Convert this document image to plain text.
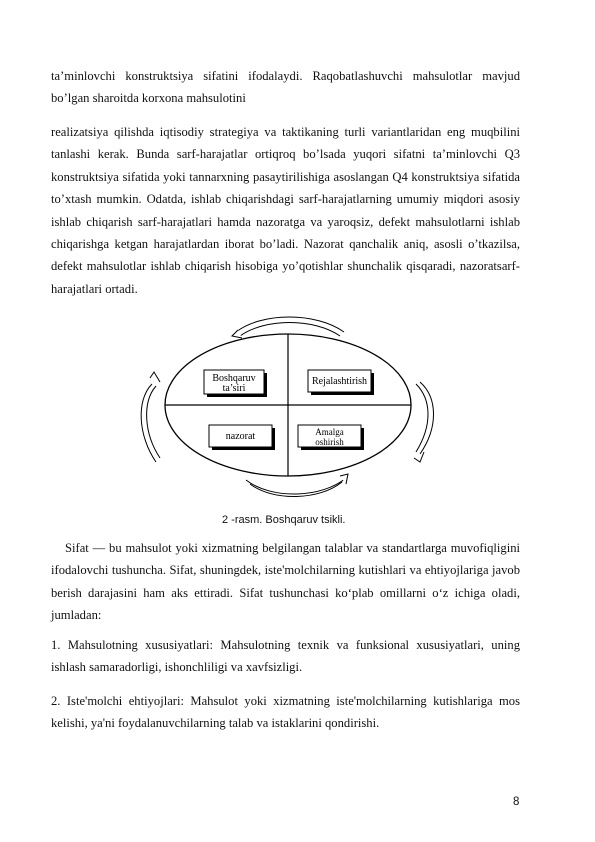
ta’minlovchi konstruktsiya sifatini ifodalaydi. Raqobatlashuvchi mahsulotlar mavjud bo’lgan sharoitda korxona mahsulotini

realizatsiya qilishda iqtisodiy strategiya va taktikaning turli variantlaridan eng muqbilini tanlashi kerak. Bunda sarf-harajatlar ortiqroq bo’lsada yuqori sifatni ta’minlovchi Q3 konstruktsiya sifatida yoki tannarxning pasaytirilishiga asoslangan Q4 konstruktsiya sifatida to’xtash mumkin. Odatda, ishlab chiqarishdagi sarf-harajatlarning umumiy miqdori asosiy ishlab chiqarish sarf-harajatlari hamda nazoratga va yaroqsiz, defekt mahsulotlarni ishlab chiqarishga ketgan harajatlardan iborat bo’ladi. Nazorat qanchalik aniq, asosli o’tkazilsa, defekt mahsulotlar ishlab chiqarish hisobiga yo’qotishlar shunchalik qisqaradi, nazoratsarf-harajatlari ortadi.

Boshqaruv
ta’siri
Rejalashtirish
nazorat	Amalga
oshirish

2 -rasm. Boshqaruv tsikli.

Sifat — bu mahsulot yoki xizmatning belgilangan talablar va standartlarga muvofiqligini ifodalovchi tushuncha. Sifat, shuningdek, iste'molchilarning kutishlari va ehtiyojlariga javob berish darajasini ham aks ettiradi. Sifat tushunchasi ko‘plab omillarni o‘z ichiga oladi, jumladan:

1. Mahsulotning xususiyatlari: Mahsulotning texnik va funksional xususiyatlari, uning ishlash samaradorligi, ishonchliligi va xavfsizligi.

2. Iste'molchi ehtiyojlari: Mahsulot yoki xizmatning iste'molchilarning kutishlariga mos kelishi, ya'ni foydalanuvchilarning talab va istaklarini qondirishi.

8
